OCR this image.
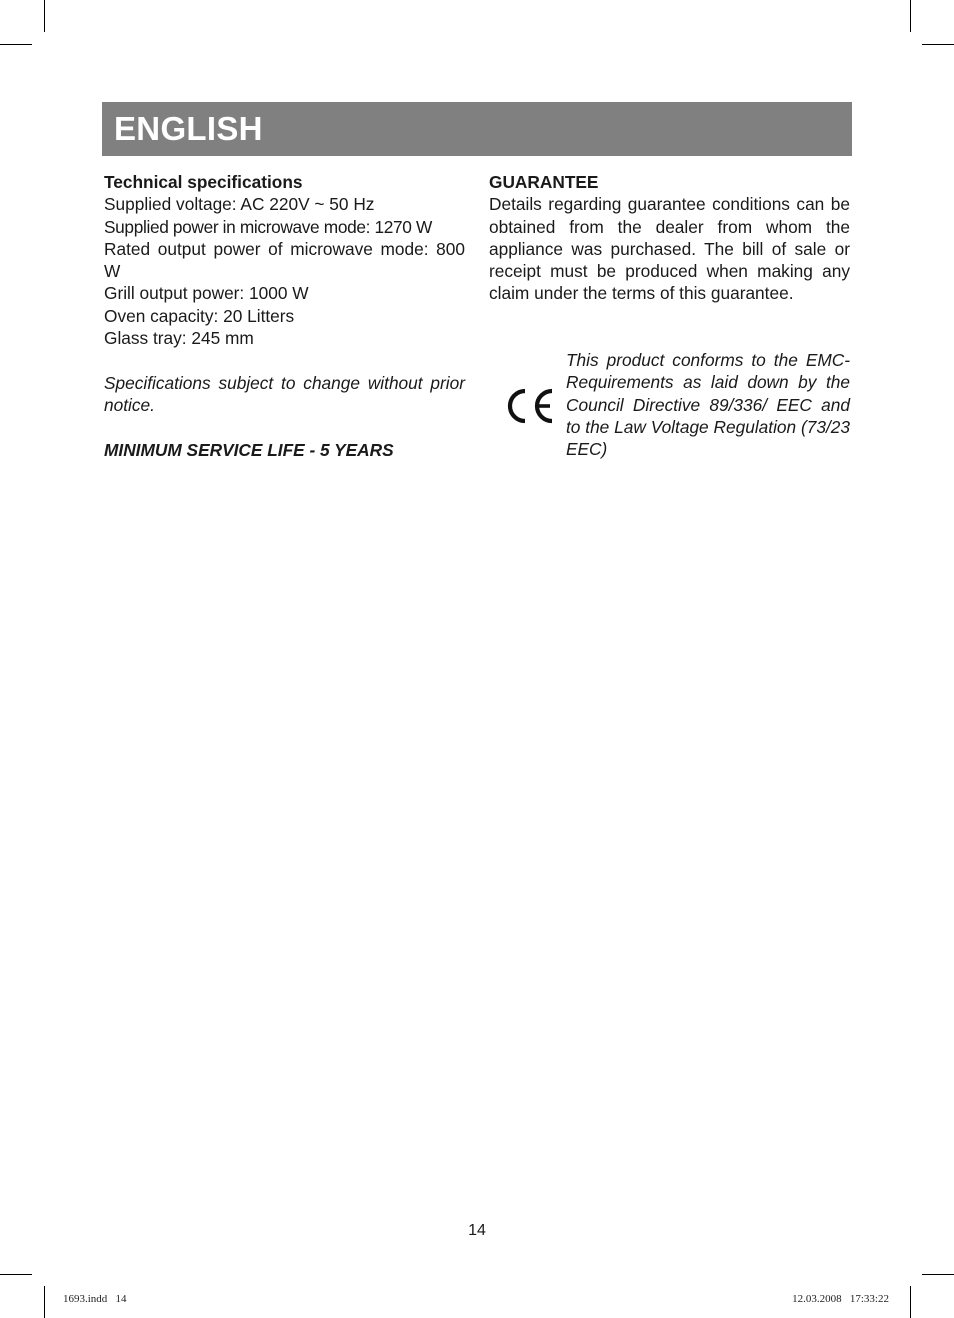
ENGLISH

Technical specifications

Supplied voltage: AC 220V ~ 50 Hz

Supplied power in microwave mode: 1270 W

Rated output power of microwave mode: 800 W

Grill output power: 1000 W

Oven capacity: 20 Litters

Glass tray: 245 mm

Specifications subject to change without prior notice.

MINIMUM SERVICE LIFE - 5 YEARS

GUARANTEE

Details regarding guarantee conditions can be obtained from the dealer from whom the appliance was purchased. The bill of sale or receipt must be produced when making any claim under the terms of this guarantee.

This product conforms to the EMC-Requirements as laid down by the Council Directive 89/336/ EEC and to the Law Voltage Regulation (73/23 EEC)
14
1693.indd   14	12.03.2008   17:33:22
